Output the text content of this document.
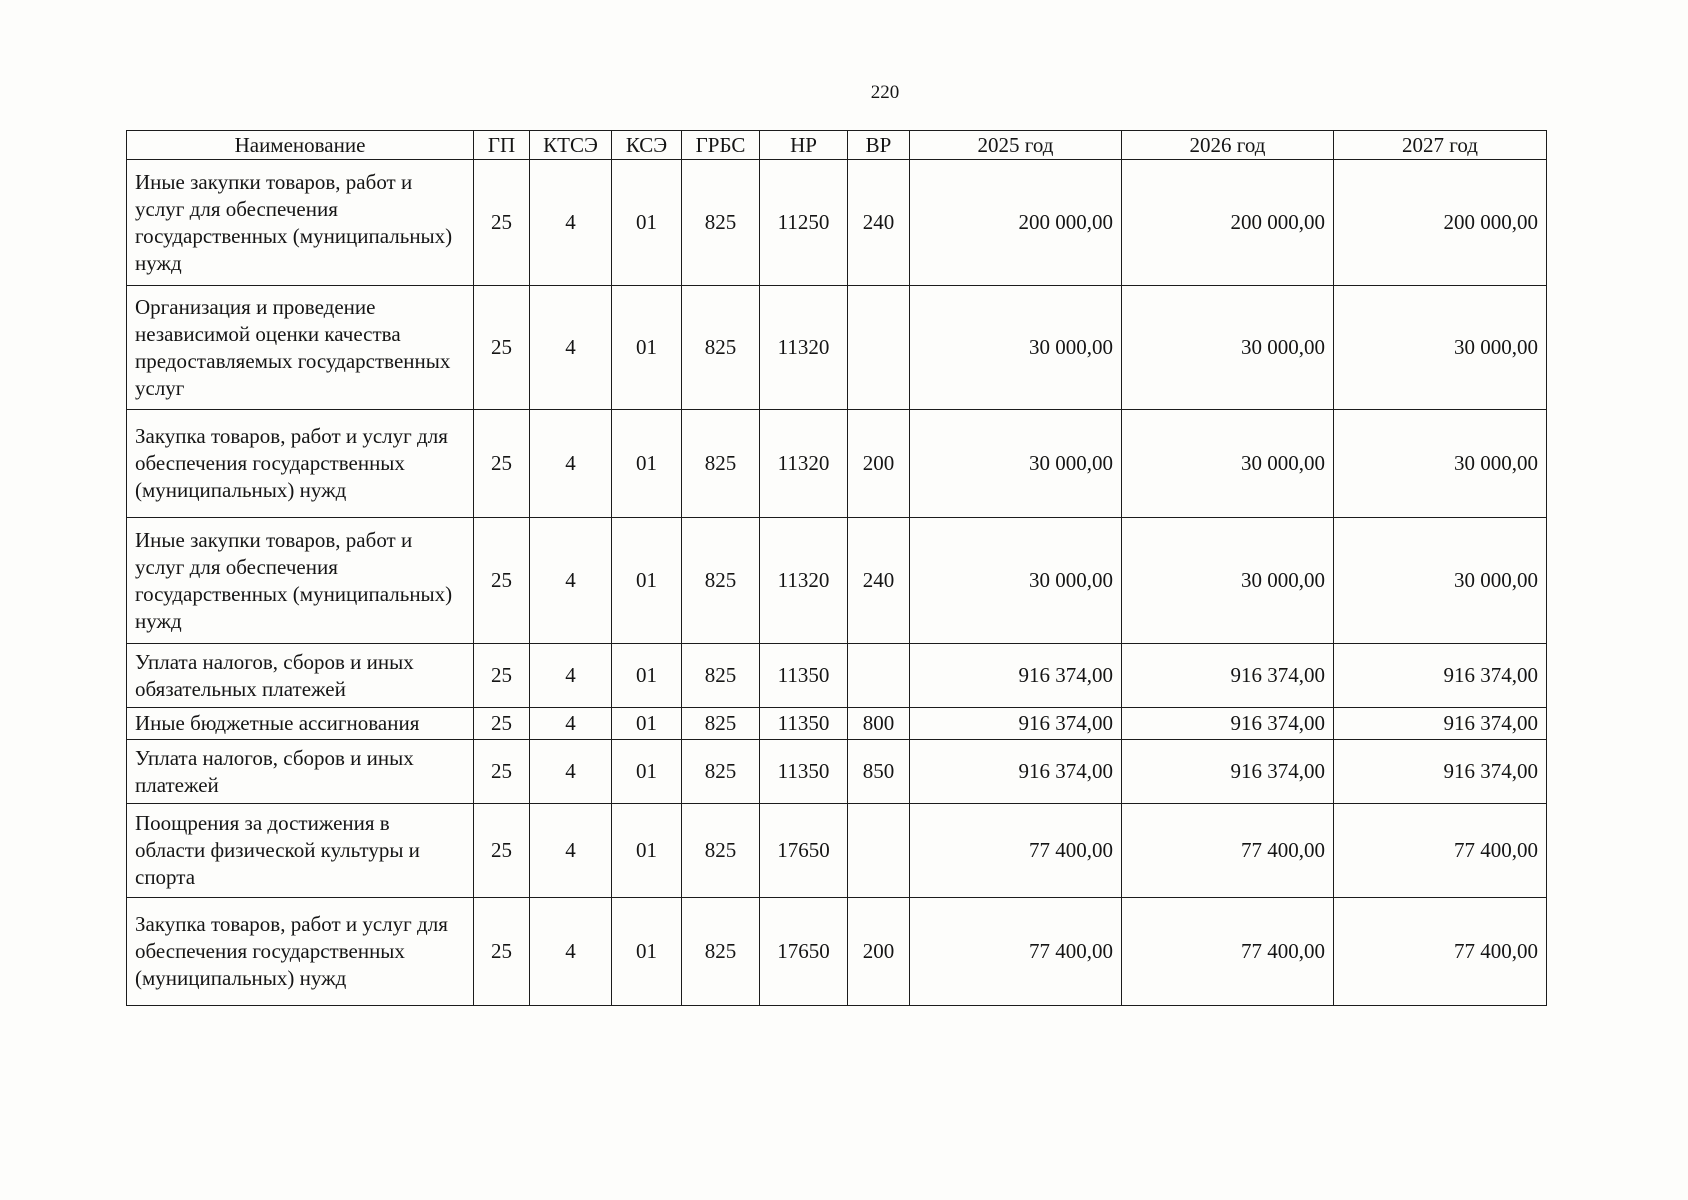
220
Наименование	ГП	КТСЭ	КСЭ	ГРБС	НР	ВР	2025 год	2026 год	2027 год
Иные закупки товаров, работ и услуг для обеспечения государственных (муниципальных) нужд	25	4	01	825	11250	240	200 000,00	200 000,00	200 000,00
Организация и проведение независимой оценки качества предоставляемых государственных услуг	25	4	01	825	11320		30 000,00	30 000,00	30 000,00
Закупка товаров, работ и услуг для обеспечения государственных (муниципальных) нужд	25	4	01	825	11320	200	30 000,00	30 000,00	30 000,00
Иные закупки товаров, работ и услуг для обеспечения государственных (муниципальных) нужд	25	4	01	825	11320	240	30 000,00	30 000,00	30 000,00
Уплата налогов, сборов и иных обязательных платежей	25	4	01	825	11350		916 374,00	916 374,00	916 374,00
Иные бюджетные ассигнования	25	4	01	825	11350	800	916 374,00	916 374,00	916 374,00
Уплата налогов, сборов и иных платежей	25	4	01	825	11350	850	916 374,00	916 374,00	916 374,00
Поощрения за достижения в области физической культуры и спорта	25	4	01	825	17650		77 400,00	77 400,00	77 400,00
Закупка товаров, работ и услуг для обеспечения государственных (муниципальных) нужд	25	4	01	825	17650	200	77 400,00	77 400,00	77 400,00
